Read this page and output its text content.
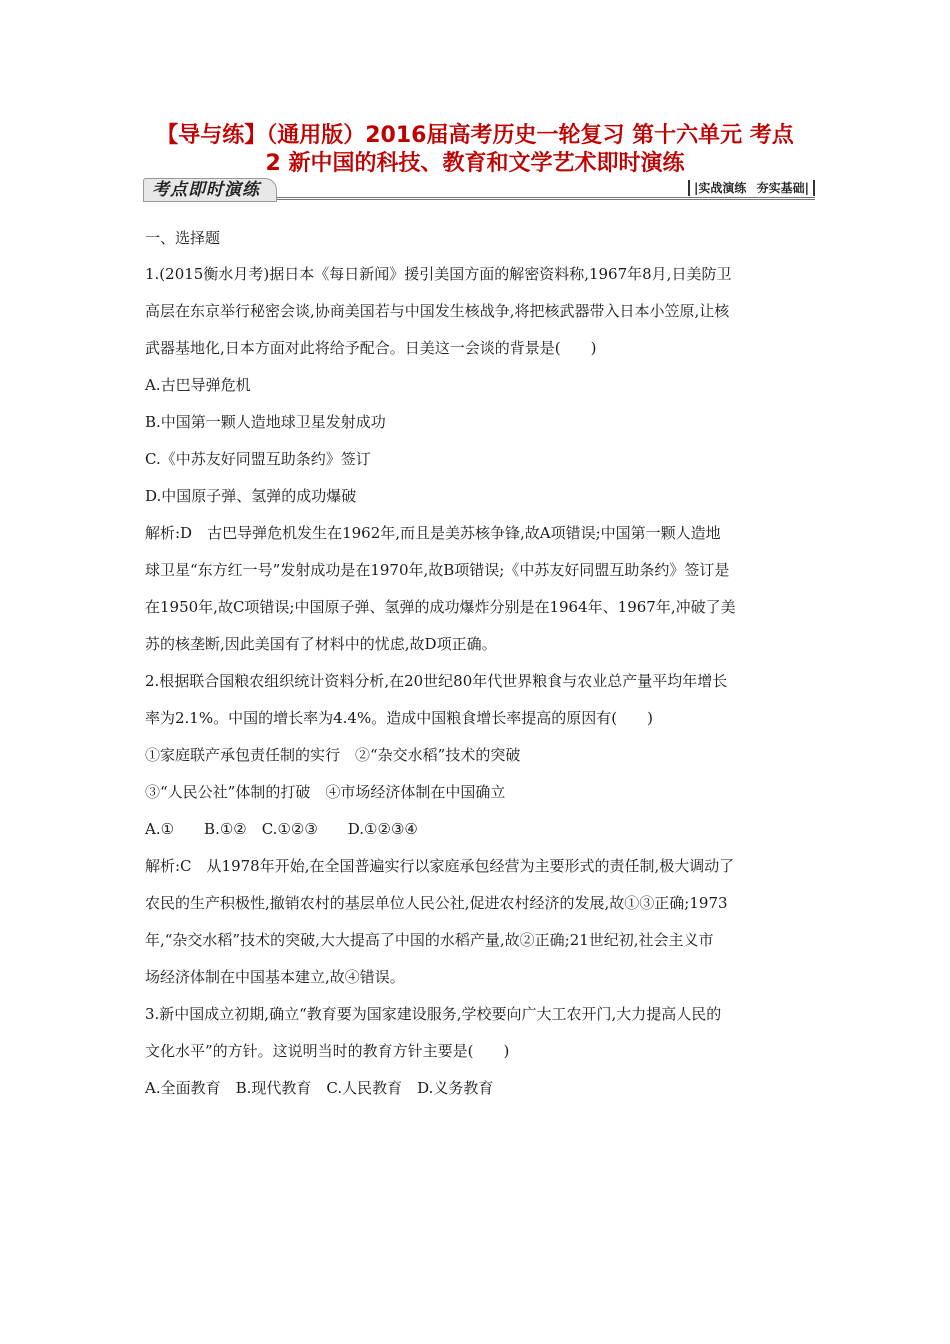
【导与练】（通用版）2016届高考历史一轮复习 第十六单元 考点
2 新中国的科技、教育和文学艺术即时演练
考点即时演练	|实战演练 夯实基础|
一、选择题
1.(2015衡水月考)据日本《每日新闻》援引美国方面的解密资料称,1967年8月,日美防卫
高层在东京举行秘密会谈,协商美国若与中国发生核战争,将把核武器带入日本小笠原,让核
武器基地化,日本方面对此将给予配合。日美这一会谈的背景是(　　)
A.古巴导弹危机
B.中国第一颗人造地球卫星发射成功
C.《中苏友好同盟互助条约》签订
D.中国原子弹、氢弹的成功爆破
解析:D　古巴导弹危机发生在1962年,而且是美苏核争锋,故A项错误;中国第一颗人造地
球卫星“东方红一号”发射成功是在1970年,故B项错误;《中苏友好同盟互助条约》签订是
在1950年,故C项错误;中国原子弹、氢弹的成功爆炸分别是在1964年、1967年,冲破了美
苏的核垄断,因此美国有了材料中的忧虑,故D项正确。
2.根据联合国粮农组织统计资料分析,在20世纪80年代世界粮食与农业总产量平均年增长
率为2.1%。中国的增长率为4.4%。造成中国粮食增长率提高的原因有(　　)
①家庭联产承包责任制的实行　②“杂交水稻”技术的突破
③“人民公社”体制的打破　④市场经济体制在中国确立
A.①　　B.①②　C.①②③　　D.①②③④
解析:C　从1978年开始,在全国普遍实行以家庭承包经营为主要形式的责任制,极大调动了
农民的生产积极性,撤销农村的基层单位人民公社,促进农村经济的发展,故①③正确;1973
年,“杂交水稻”技术的突破,大大提高了中国的水稻产量,故②正确;21世纪初,社会主义市
场经济体制在中国基本建立,故④错误。
3.新中国成立初期,确立“教育要为国家建设服务,学校要向广大工农开门,大力提高人民的
文化水平”的方针。这说明当时的教育方针主要是(　　)
A.全面教育　B.现代教育　C.人民教育　D.义务教育
